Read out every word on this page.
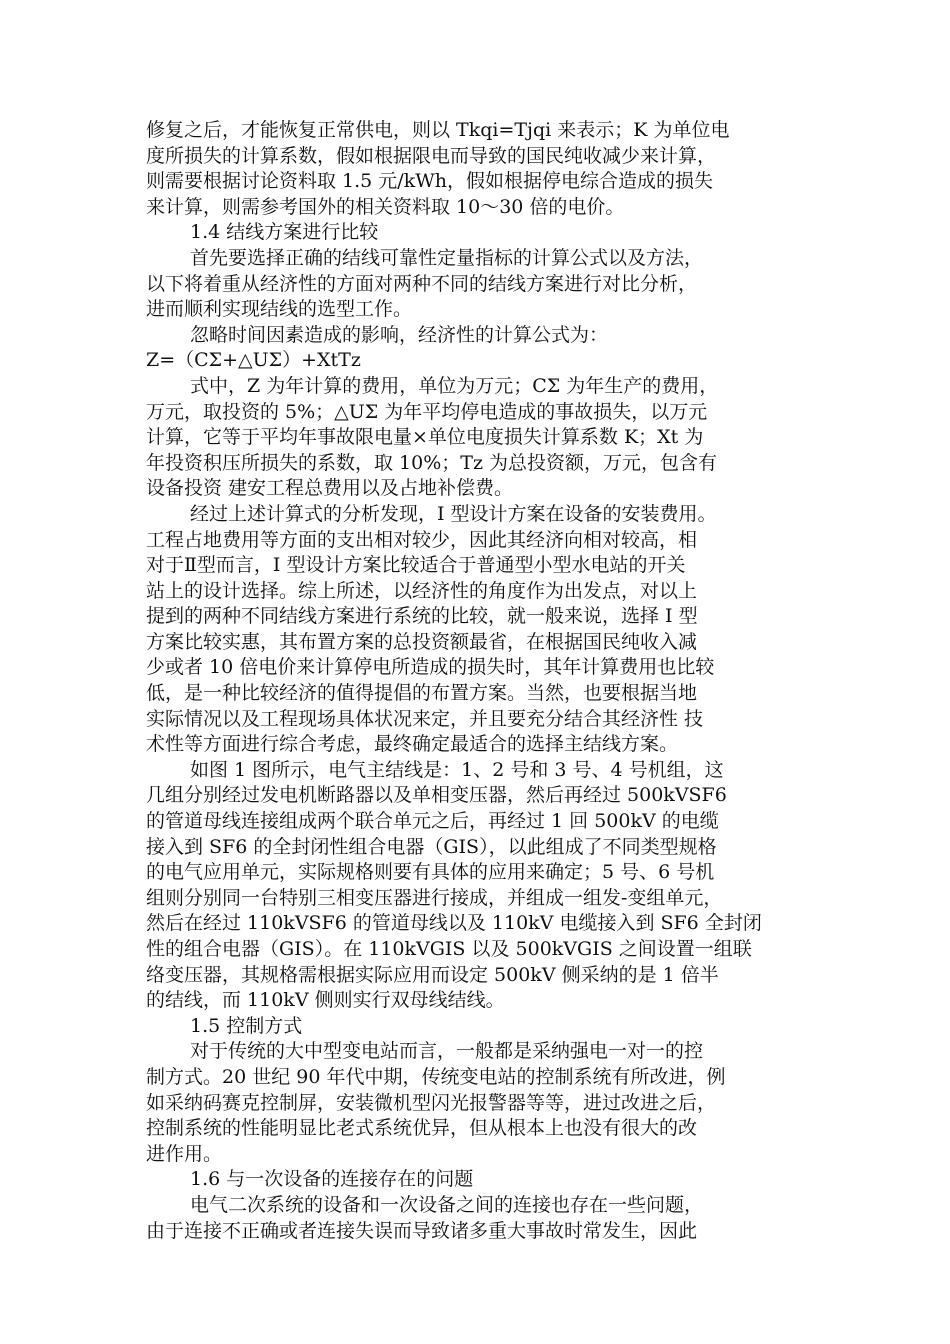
修复之后，才能恢复正常供电，则以 Tkqi=Tjqi 来表示；K 为单位电
度所损失的计算系数，假如根据限电而导致的国民纯收减少来计算，
则需要根据讨论资料取 1.5 元/kWh，假如根据停电综合造成的损失
来计算，则需参考国外的相关资料取 10～30 倍的电价。
1.4 结线方案进行比较
首先要选择正确的结线可靠性定量指标的计算公式以及方法，
以下将着重从经济性的方面对两种不同的结线方案进行对比分析，
进而顺利实现结线的选型工作。
忽略时间因素造成的影响，经济性的计算公式为：
Z=（CΣ+△UΣ）+XtTz
式中，Z 为年计算的费用，单位为万元；CΣ 为年生产的费用，
万元，取投资的 5%；△UΣ 为年平均停电造成的事故损失，以万元
计算，它等于平均年事故限电量×单位电度损失计算系数 K；Xt 为
年投资积压所损失的系数，取 10%；Tz 为总投资额，万元，包含有
设备投资 建安工程总费用以及占地补偿费。
经过上述计算式的分析发现，I 型设计方案在设备的安装费用。
工程占地费用等方面的支出相对较少，因此其经济向相对较高，相
对于Ⅱ型而言，I 型设计方案比较适合于普通型小型水电站的开关
站上的设计选择。综上所述，以经济性的角度作为出发点，对以上
提到的两种不同结线方案进行系统的比较，就一般来说，选择 I 型
方案比较实惠，其布置方案的总投资额最省，在根据国民纯收入减
少或者 10 倍电价来计算停电所造成的损失时，其年计算费用也比较
低，是一种比较经济的值得提倡的布置方案。当然，也要根据当地
实际情况以及工程现场具体状况来定，并且要充分结合其经济性 技
术性等方面进行综合考虑，最终确定最适合的选择主结线方案。
如图 1 图所示，电气主结线是：1、2 号和 3 号、4 号机组，这
几组分别经过发电机断路器以及单相变压器，然后再经过 500kVSF6
的管道母线连接组成两个联合单元之后，再经过 1 回 500kV 的电缆
接入到 SF6 的全封闭性组合电器（GIS），以此组成了不同类型规格
的电气应用单元，实际规格则要有具体的应用来确定；5 号、6 号机
组则分别同一台特别三相变压器进行接成，并组成一组发-变组单元，
然后在经过 110kVSF6 的管道母线以及 110kV 电缆接入到 SF6 全封闭
性的组合电器（GIS）。在 110kVGIS 以及 500kVGIS 之间设置一组联
络变压器，其规格需根据实际应用而设定 500kV 侧采纳的是 1 倍半
的结线，而 110kV 侧则实行双母线结线。
1.5 控制方式
对于传统的大中型变电站而言，一般都是采纳强电一对一的控
制方式。20 世纪 90 年代中期，传统变电站的控制系统有所改进，例
如采纳码赛克控制屏，安装微机型闪光报警器等等，进过改进之后，
控制系统的性能明显比老式系统优异，但从根本上也没有很大的改
进作用。
1.6 与一次设备的连接存在的问题
电气二次系统的设备和一次设备之间的连接也存在一些问题，
由于连接不正确或者连接失误而导致诸多重大事故时常发生，因此
